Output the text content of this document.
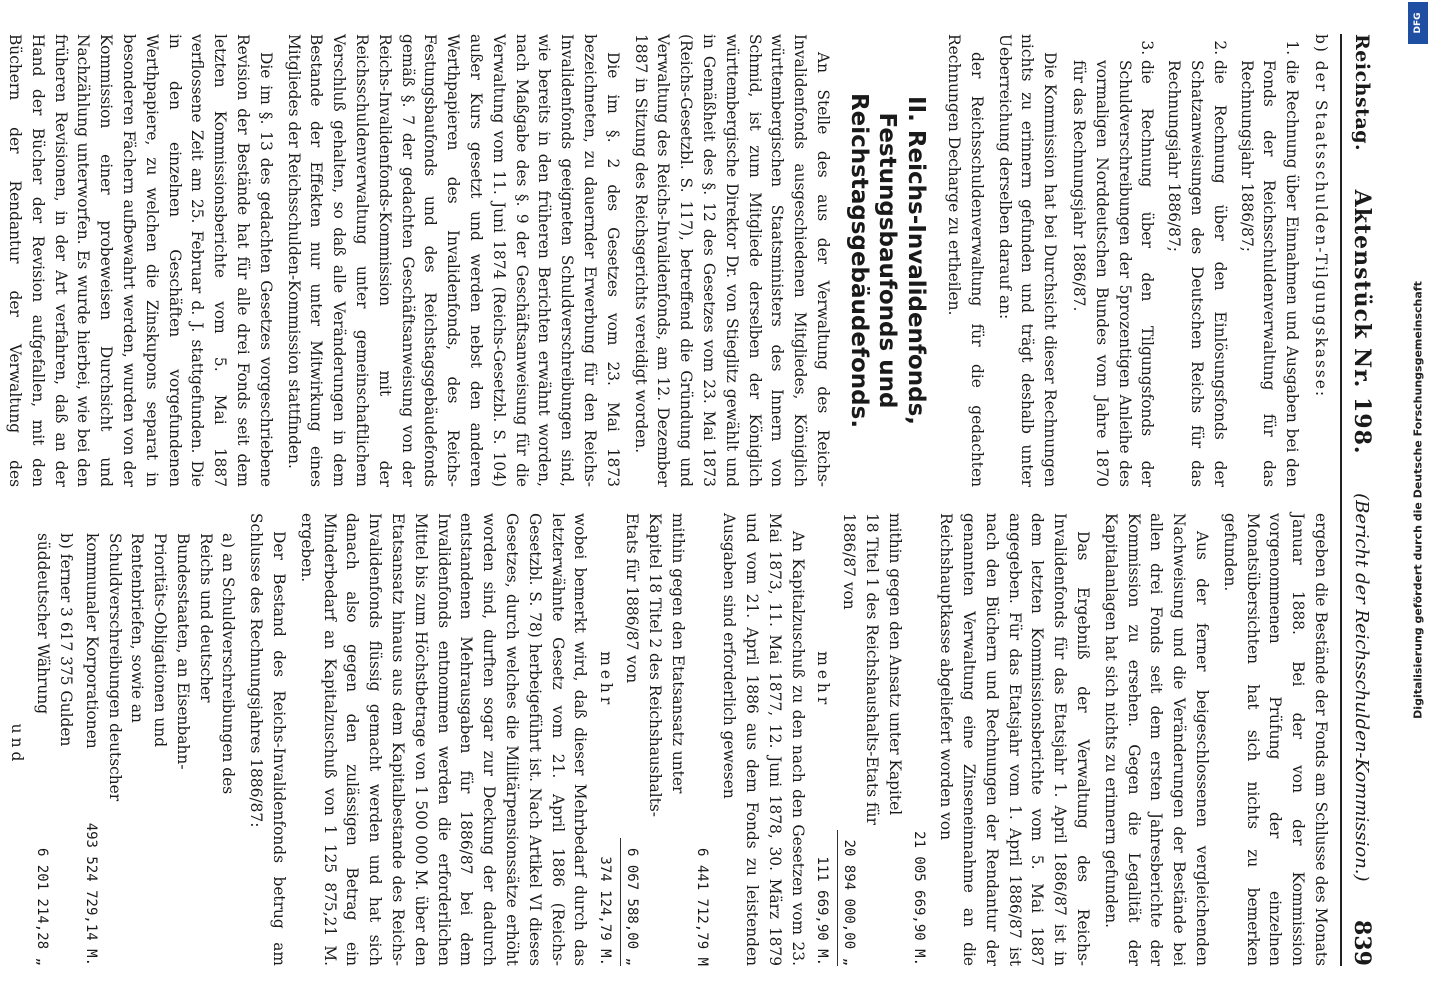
Reichstag.
Aktenstück Nr. 198.
(Bericht der Reichsschulden-Kommission.)
839
b) der Staatsschulden-Tilgungskasse:
1. die Rechnung über Einnahmen und Ausgaben bei den Fonds der Reichsschuldenverwaltung für das Rechnungsjahr 1886/87;
2. die Rechnung über den Einlösungsfonds der Schatzanweisungen des Deutschen Reichs für das Rechnungsjahr 1886/87;
3. die Rechnung über den Tilgungsfonds der Schuldverschreibungen der 5prozentigen Anleihe des vormaligen Norddeutschen Bundes vom Jahre 1870 für das Rechnungsjahr 1886/87.

Die Kommission hat bei Durchsicht dieser Rechnungen nichts zu erinnern gefunden und trägt deshalb unter Ueberreichung derselben darauf an:

der Reichsschuldenverwaltung für die gedachten Rechnungen Decharge zu ertheilen.

II. Reichs-Invalidenfonds, Festungsbaufonds und Reichstagsgebäudefonds.

An Stelle des aus der Verwaltung des Reichs-Invalidenfonds ausgeschiedenen Mitgliedes, Königlich württembergischen Staatsministers des Innern von Schmid, ist zum Mitgliede derselben der Königlich württembergische Direktor Dr. von Stieglitz gewählt und in Gemäßheit des §. 12 des Gesetzes vom 23. Mai 1873 (Reichs-Gesetzbl. S. 117), betreffend die Gründung und Verwaltung des Reichs-Invalidenfonds, am 12. Dezember 1887 in Sitzung des Reichsgerichts vereidigt worden.

Die im §. 2 des Gesetzes vom 23. Mai 1873 bezeichneten, zu dauernder Erwerbung für den Reichs-Invalidenfonds geeigneten Schuldverschreibungen sind, wie bereits in den früheren Berichten erwähnt worden, nach Maßgabe des §. 9 der Geschäftsanweisung für die Verwaltung vom 11. Juni 1874 (Reichs-Gesetzbl. S. 104) außer Kurs gesetzt und werden nebst den anderen Werthpapieren des Invalidenfonds, des Reichs-Festungsbaufonds und des Reichstagsgebäudefonds gemäß §. 7 der gedachten Geschäftsanweisung von der Reichs-Invalidenfonds-Kommission mit der Reichsschuldenverwaltung unter gemeinschaftlichem Verschluß gehalten, so daß alle Veränderungen in dem Bestande der Effekten nur unter Mitwirkung eines Mitgliedes der Reichsschulden-Kommission stattfinden.

Die im §. 13 des gedachten Gesetzes vorgeschriebene Revision der Bestände hat für alle drei Fonds seit dem letzten Kommissionsberichte vom 5. Mai 1887 verflossene Zeit am 25. Februar d. J. stattgefunden. Die in den einzelnen Geschäften vorgefundenen Werthpapiere, zu welchen die Zinskupons separat in besonderen Fächern aufbewahrt werden, wurden von der Kommission einer probeweisen Durchsicht und Nachzählung unterworfen. Es wurde hierbei, wie bei den früheren Revisionen, in der Art verfahren, daß an der Hand der Bücher der Revision aufgefallen, mit den Büchern der Rendantur der Verwaltung des

ergeben die Bestände der Fonds am Schlusse des Monats Januar 1888. Bei der von der Kommission vorgenommenen Prüfung der einzelnen Monatsübersichten hat sich nichts zu bemerken gefunden.

Aus der ferner beigeschlossenen vergleichenden Nachweisung und die Veränderungen der Bestände bei allen drei Fonds seit dem ersten Jahresberichte der Kommission zu ersehen. Gegen die Legalität der Kapitalanlagen hat sich nichts zu erinnern gefunden.

Das Ergebniß der Verwaltung des Reichs-Invalidenfonds für das Etatsjahr 1. April 1886/87 ist in dem letzten Kommissionsberichte vom 5. Mai 1887 angegeben. Für das Etatsjahr vom 1. April 1886/87 ist nach den Büchern und Rechnungen der Rendantur der genannten Verwaltung eine Zinseneinnahme an die Reichshauptkasse abgeliefert worden von

21 005 669,90 M.
mithin gegen den Ansatz unter Kapitel 18 Titel 1 des Reichshaushalts-Etats für 1886/87 von
20 894 000,00 „
mehr
111 669,90 M.

An Kapitalzuschuß zu den nach den Gesetzen vom 23. Mai 1873, 11. Mai 1877, 12. Juni 1878, 30. März 1879 und vom 21. April 1886 aus dem Fonds zu leistenden Ausgaben sind erforderlich gewesen

6 441 712,79 M
mithin gegen den Etatsansatz unter Kapitel 18 Titel 2 des Reichshaushalts-Etats für 1886/87 von
6 067 588,00 „
mehr
374 124,79 M.

wobei bemerkt wird, daß dieser Mehrbedarf durch das letzterwähnte Gesetz vom 21. April 1886 (Reichs-Gesetzbl. S. 78) herbeigeführt ist. Nach Artikel VI dieses Gesetzes, durch welches die Militärpensionssätze erhöht worden sind, durften sogar zur Deckung der dadurch entstandenen Mehrausgaben für 1886/87 bei dem Invalidenfonds entnommen werden die erforderlichen Mittel bis zum Höchstbetrage von 1 500 000 M. über den Etatsansatz hinaus aus dem Kapitalbestande des Reichs-Invalidenfonds flüssig gemacht werden und hat sich danach also gegen den zulässigen Betrag ein Minderbedarf an Kapitalzuschuß von 1 125 875,21 M. ergeben.

Der Bestand des Reichs-Invalidenfonds betrug am Schlusse des Rechnungsjahres 1886/87:

a) an Schuldverschreibungen des Reichs und deutscher Bundesstaaten, an Eisenbahn-Prioritäts-Obligationen und Rentenbriefen, sowie an Schuldverschreibungen deutscher kommunaler Korporationen
493 524 729,14 M.
b) ferner 3 617 375 Gulden süddeutscher Währung
6 201 214,28 „
und

DFG
Digitalisierung gefördert durch die Deutsche Forschungsgemeinschaft
